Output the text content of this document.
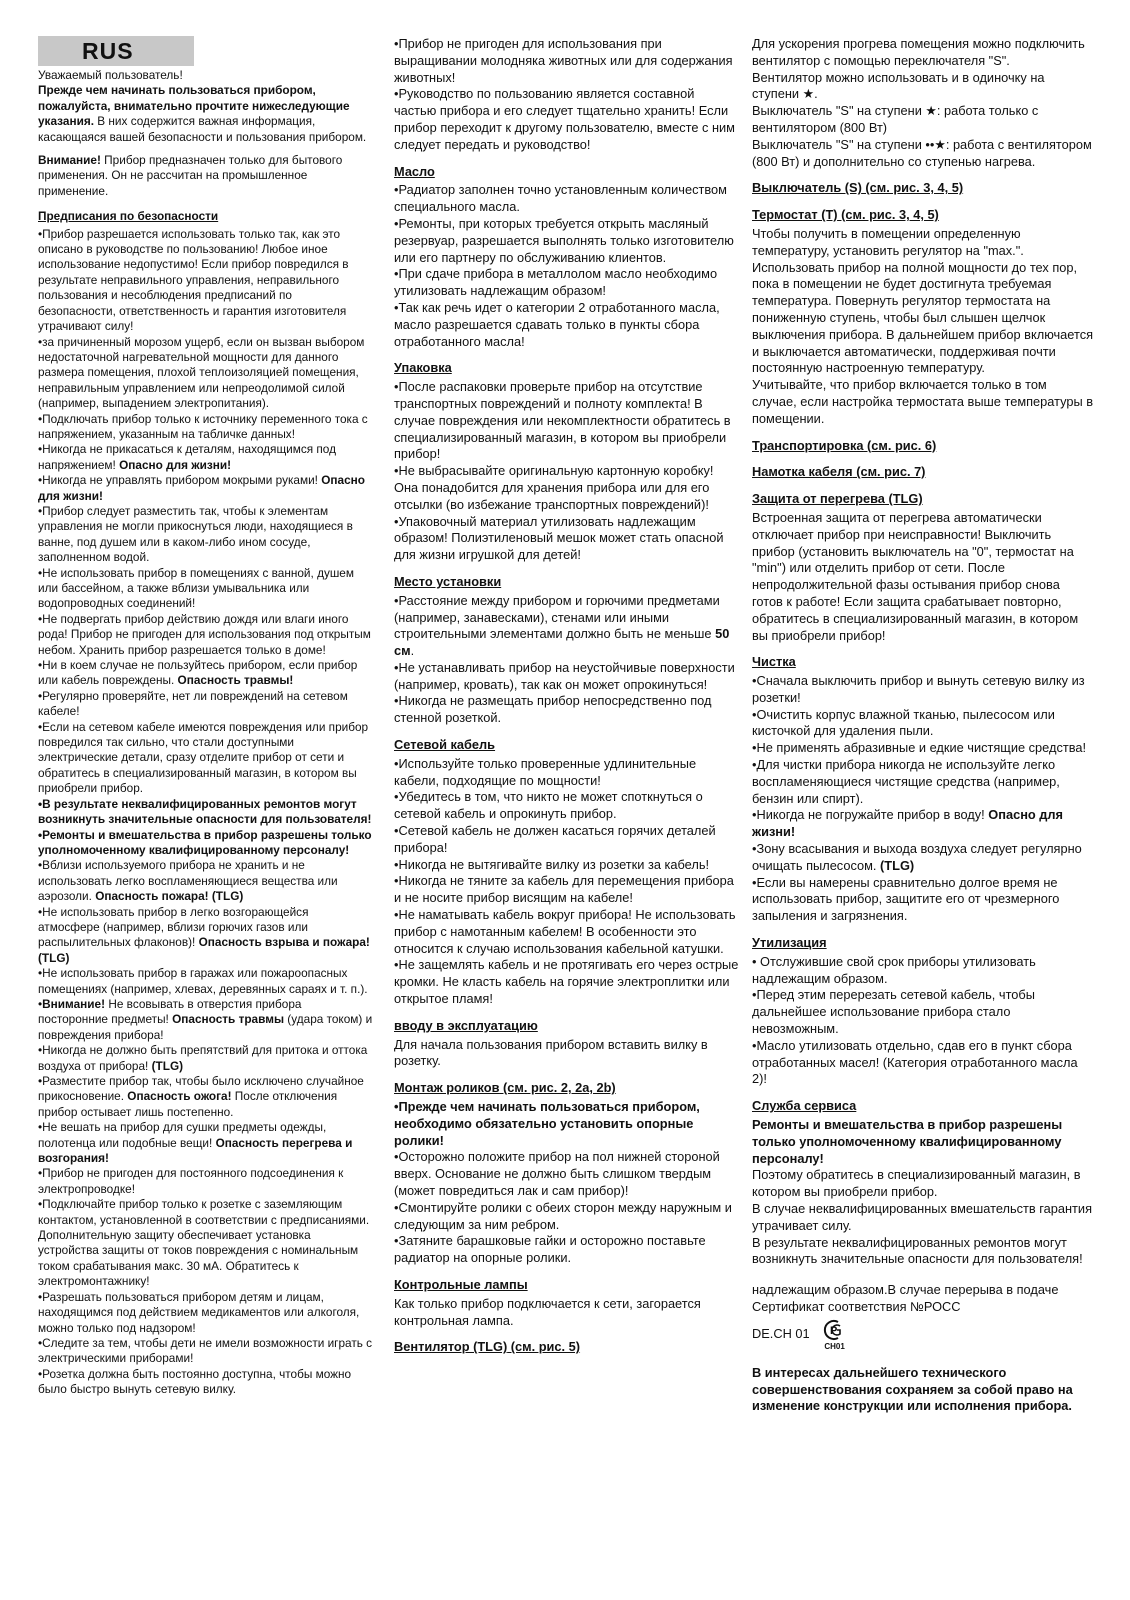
RUS

Уважаемый пользователь!

Прежде чем начинать пользоваться прибором, пожалуйста, внимательно прочтите нижеследующие указания. В них содержится важная информация, касающаяся вашей безопасности и пользования прибором.

Внимание! Прибор предназначен только для бытового применения. Он не рассчитан на промышленное применение.

Предписания по безопасности

•Прибор разрешается использовать только так, как это описано в руководстве по пользованию! Любое иное использование недопустимо! Если прибор повредился в результате неправильного управления, неправильного пользования и несоблюдения предписаний по безопасности, ответственность и гарантия изготовителя утрачивают силу!

•за причиненный морозом ущерб, если он вызван выбором недостаточной нагревательной мощности для данного размера помещения, плохой теплоизоляцией помещения, неправильным управлением или непреодолимой силой (например, выпадением электропитания).

•Подключать прибор только к источнику переменного тока с напряжением, указанным на табличке данных!

•Никогда не прикасаться к деталям, находящимся под напряжением! Опасно для жизни!

•Никогда не управлять прибором мокрыми руками! Опасно для жизни!

•Прибор следует разместить так, чтобы к элементам управления не могли прикоснуться люди, находящиеся в ванне, под душем или в каком-либо ином сосуде, заполненном водой.

•Не использовать прибор в помещениях с ванной, душем или бассейном, а также вблизи умывальника или водопроводных соединений!

•Не подвергать прибор действию дождя или влаги иного рода! Прибор не пригоден для использования под открытым небом. Хранить прибор разрешается только в доме!

•Ни в коем случае не пользуйтесь прибором, если прибор или кабель повреждены. Опасность травмы!

•Регулярно проверяйте, нет ли повреждений на сетевом кабеле!

•Если на сетевом кабеле имеются повреждения или прибор повредился так сильно, что стали доступными электрические детали, сразу отделите прибор от сети и обратитесь в специализированный магазин, в котором вы приобрели прибор.

•В результате неквалифицированных ремонтов могут возникнуть значительные опасности для пользователя!

•Ремонты и вмешательства в прибор разрешены только уполномоченному квалифицированному персоналу!

•Вблизи используемого прибора не хранить и не использовать легко воспламеняющиеся вещества или аэрозоли. Опасность пожара! (TLG)

•Не использовать прибор в легко возгорающейся атмосфере (например, вблизи горючих газов или распылительных флаконов)! Опасность взрыва и пожара! (TLG)

•Не использовать прибор в гаражах или пожароопасных помещениях (например, хлевах, деревянных сараях и т. п.).

•Внимание! Не всовывать в отверстия прибора посторонние предметы! Опасность травмы (удара током) и повреждения прибора!

•Никогда не должно быть препятствий для притока и оттока воздуха от прибора! (TLG)

•Разместите прибор так, чтобы было исключено случайное прикосновение. Опасность ожога! После отключения прибор остывает лишь постепенно.

•Не вешать на прибор для сушки предметы одежды, полотенца или подобные вещи! Опасность перегрева и возгорания!

•Прибор не пригоден для постоянного подсоединения к электропроводке!

•Подключайте прибор только к розетке с заземляющим контактом, установленной в соответствии с предписаниями.

Дополнительную защиту обеспечивает установка устройства защиты от токов повреждения с номинальным током срабатывания макс. 30 мА. Обратитесь к электромонтажнику!

•Разрешать пользоваться прибором детям и лицам, находящимся под действием медикаментов или алкоголя, можно только под надзором!

•Следите за тем, чтобы дети не имели возможности играть с электрическими приборами!

•Розетка должна быть постоянно доступна, чтобы можно было быстро вынуть сетевую вилку.

•Прибор не пригоден для использования при выращивании молодняка животных или для содержания животных!

•Руководство по пользованию является составной частью прибора и его следует тщательно хранить! Если прибор переходит к другому пользователю, вместе с ним следует передать и руководство!

Масло

•Радиатор заполнен точно установленным количеством специального масла.

•Ремонты, при которых требуется открыть масляный резервуар, разрешается выполнять только изготовителю или его партнеру по обслуживанию клиентов.

•При сдаче прибора в металлолом масло необходимо утилизовать надлежащим образом!

•Так как речь идет о категории 2 отработанного масла, масло разрешается сдавать только в пункты сбора отработанного масла!

Упаковка

•После распаковки проверьте прибор на отсутствие транспортных повреждений и полноту комплекта! В случае повреждения или некомплектности обратитесь в специализированный магазин, в котором вы приобрели прибор!

•Не выбрасывайте оригинальную картонную коробку! Она понадобится для хранения прибора или для его отсылки (во избежание транспортных повреждений)!

•Упаковочный материал утилизовать надлежащим образом! Полиэтиленовый мешок может стать опасной для жизни игрушкой для детей!

Место установки

•Расстояние между прибором и горючими предметами (например, занавесками), стенами или иными строительными элементами должно быть не меньше 50 см.

•Не устанавливать прибор на неустойчивые поверхности (например, кровать), так как он может опрокинуться!

•Никогда не размещать прибор непосредственно под стенной розеткой.

Сетевой кабель

•Используйте только проверенные удлинительные кабели, подходящие по мощности!

•Убедитесь в том, что никто не может споткнуться о сетевой кабель и опрокинуть прибор.

•Сетевой кабель не должен касаться горячих деталей прибора!

•Никогда не вытягивайте вилку из розетки за кабель!

•Никогда не тяните за кабель для перемещения прибора и не носите прибор висящим на кабеле!

•Не наматывать кабель вокруг прибора! Не использовать прибор с намотанным кабелем! В особенности это относится к случаю использования кабельной катушки.

•Не защемлять кабель и не протягивать его через острые кромки. Не класть кабель на горячие электроплитки или открытое пламя!

вводу в эксплуатацию

Для начала пользования прибором вставить вилку в розетку.

Монтаж роликов (см. рис. 2, 2a, 2b)

•Прежде чем начинать пользоваться прибором, необходимо обязательно установить опорные ролики!

•Осторожно положите прибор на пол нижней стороной вверх. Основание не должно быть слишком твердым (может повредиться лак и сам прибор)!

•Смонтируйте ролики с обеих сторон между наружным и следующим за ним ребром.

•Затяните барашковые гайки и осторожно поставьте радиатор на опорные ролики.

Контрольные лампы

Как только прибор подключается к сети, загорается контрольная лампа.

Вентилятор (TLG) (см. рис. 5)

Для ускорения прогрева помещения можно подключить вентилятор с помощью переключателя "S".

Вентилятор можно использовать и в одиночку на ступени ★.

Выключатель "S" на ступени ★: работа только с вентилятором (800 Вт)

Выключатель "S" на ступени ••★: работа с вентилятором (800 Вт) и дополнительно со ступенью нагрева.

Выключатель (S) (см. рис. 3, 4, 5)
Термостат (T) (см. рис. 3, 4, 5)

Чтобы получить в помещении определенную температуру, установить регулятор на "max.". Использовать прибор на полной мощности до тех пор, пока в помещении не будет достигнута требуемая температура. Повернуть регулятор термостата на пониженную ступень, чтобы был слышен щелчок выключения прибора. В дальнейшем прибор включается и выключается автоматически, поддерживая почти постоянную настроенную температуру.

Учитывайте, что прибор включается только в том случае, если настройка термостата выше температуры в помещении.

Транспортировка (см. рис. 6)
Намотка кабеля (см. рис. 7)
Защита от перегрева (TLG)

Встроенная защита от перегрева автоматически отключает прибор при неисправности! Выключить прибор (установить выключатель на "0", термостат на "min") или отделить прибор от сети. После непродолжительной фазы остывания прибор снова готов к работе! Если защита срабатывает повторно, обратитесь в специализированный магазин, в котором вы приобрели прибор!

Чистка

•Сначала выключить прибор и вынуть сетевую вилку из розетки!

•Очистить корпус влажной тканью, пылесосом или кисточкой для удаления пыли.

•Не применять абразивные и едкие чистящие средства!

•Для чистки прибора никогда не используйте легко воспламеняющиеся чистящие средства (например, бензин или спирт).

•Никогда не погружайте прибор в воду! Опасно для жизни!

•Зону всасывания и выхода воздуха следует регулярно очищать пылесосом. (TLG)

•Если вы намерены сравнительно долгое время не использовать прибор, защитите его от чрезмерного запыления и загрязнения.

Утилизация

• Отслужившие свой срок приборы утилизовать надлежащим образом.

•Перед этим перерезать сетевой кабель, чтобы дальнейшее использование прибора стало невозможным.

•Масло утилизовать отдельно, сдав его в пункт сбора отработанных масел! (Категория отработанного масла 2)!

Служба сервиса

Ремонты и вмешательства в прибор разрешены только уполномоченному квалифицированному персоналу!

Поэтому обратитесь в специализированный магазин, в котором вы приобрели прибор.

В случае неквалифицированных вмешательств гарантия утрачивает силу.

В результате неквалифицированных ремонтов могут возникнуть значительные опасности для пользователя!

надлежащим образом.В случае перерыва в подаче Сертификат соответствия №РОСС

DE.CH 01 P
CH01

В интересах дальнейшего технического совершенствования сохраняем за собой право на изменение конструкции или исполнения прибора.
